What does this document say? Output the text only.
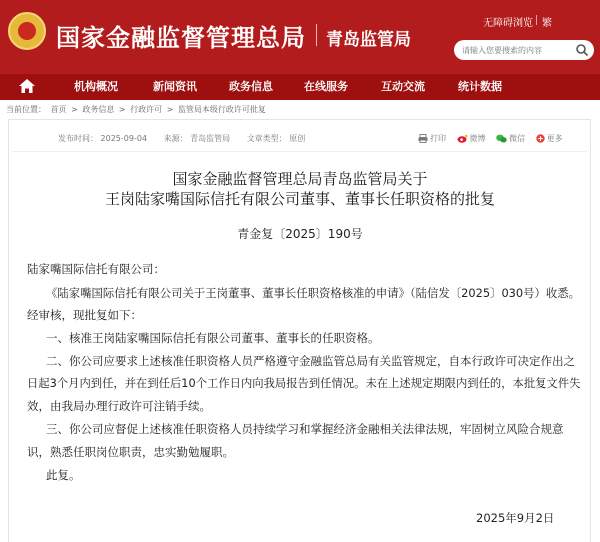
国家金融监督管理总局 青岛监管局
无障碍浏览 繁
请输入您要搜索的内容
机构概况	新闻资讯	政务信息	在线服务	互动交流	统计数据
当前位置： 首页 > 政务信息 > 行政许可 > 监管局本级行政许可批复
发布时间： 2025-09-04 来源： 青岛监管局 文章类型： 原创	打印	微博	微信	更多
国家金融监督管理总局青岛监管局关于
王岗陆家嘴国际信托有限公司董事、董事长任职资格的批复
青金复〔2025〕190号
陆家嘴国际信托有限公司：
《陆家嘴国际信托有限公司关于王岗董事、董事长任职资格核准的申请》（陆信发〔2025〕030号）收悉。
经审核，现批复如下：
一、核准王岗陆家嘴国际信托有限公司董事、董事长的任职资格。
二、你公司应要求上述核准任职资格人员严格遵守金融监管总局有关监管规定，自本行政许可决定作出之
日起3个月内到任，并在到任后10个工作日内向我局报告到任情况。未在上述规定期限内到任的，本批复文件失
效，由我局办理行政许可注销手续。
三、你公司应督促上述核准任职资格人员持续学习和掌握经济金融相关法律法规，牢固树立风险合规意
识，熟悉任职岗位职责，忠实勤勉履职。
此复。
2025年9月2日
